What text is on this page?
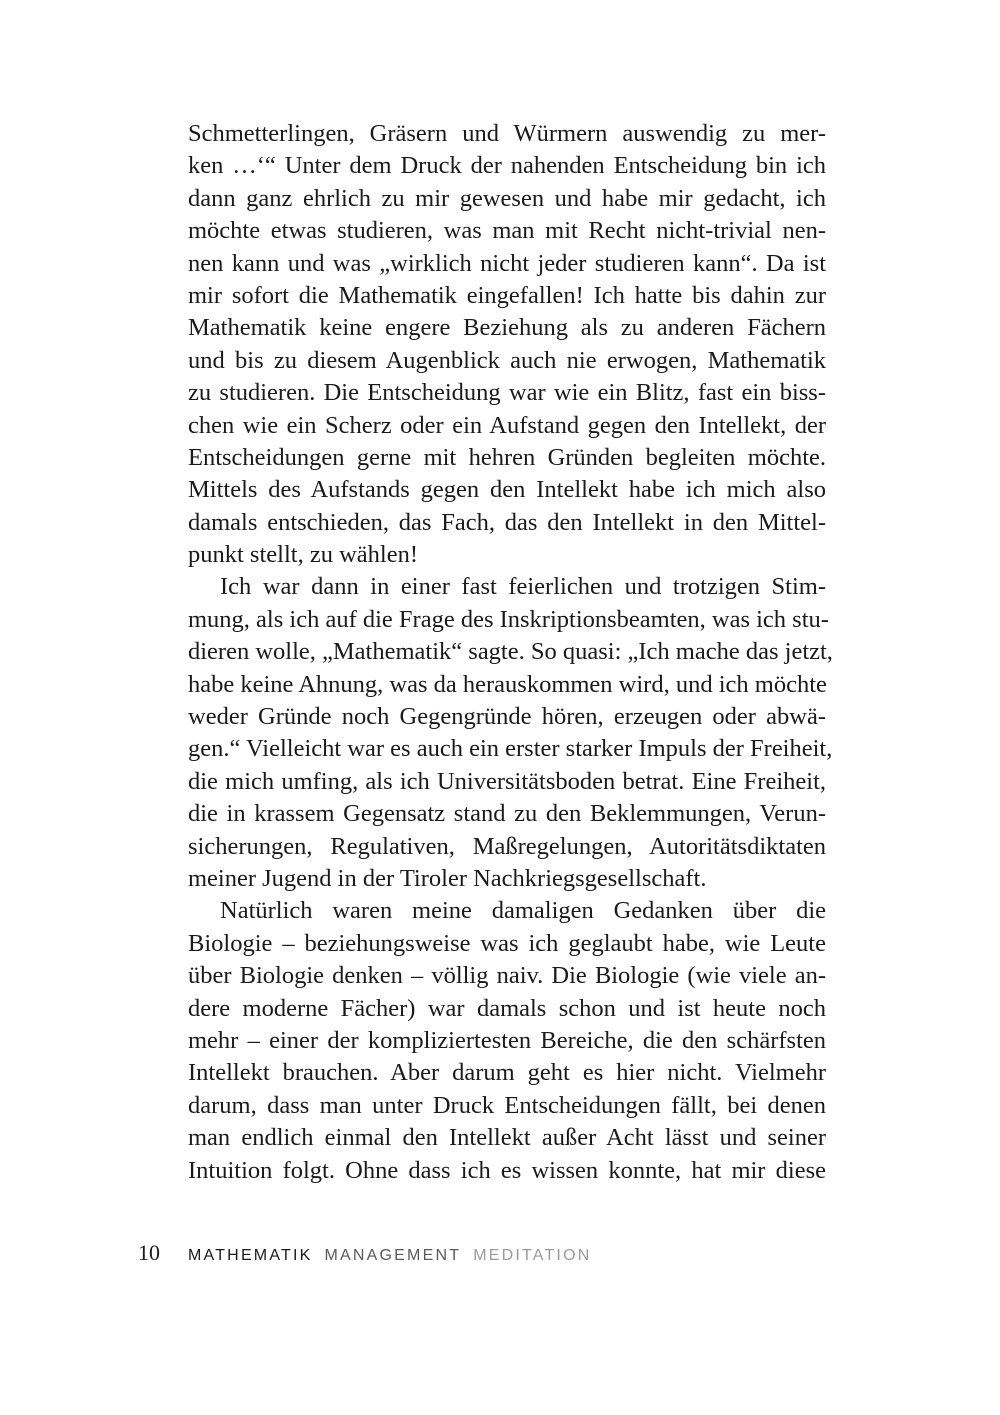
Schmetterlingen, Gräsern und Würmern auswendig zu mer-
ken …‘“ Unter dem Druck der nahenden Entscheidung bin ich
dann ganz ehrlich zu mir gewesen und habe mir gedacht, ich
möchte etwas studieren, was man mit Recht nicht-trivial nen-
nen kann und was „wirklich nicht jeder studieren kann“. Da ist
mir sofort die Mathematik eingefallen! Ich hatte bis dahin zur
Mathematik keine engere Beziehung als zu anderen Fächern
und bis zu diesem Augenblick auch nie erwogen, Mathematik
zu studieren. Die Entscheidung war wie ein Blitz, fast ein biss-
chen wie ein Scherz oder ein Aufstand gegen den Intellekt, der
Entscheidungen gerne mit hehren Gründen begleiten möchte.
Mittels des Aufstands gegen den Intellekt habe ich mich also
damals entschieden, das Fach, das den Intellekt in den Mittel-
punkt stellt, zu wählen!
Ich war dann in einer fast feierlichen und trotzigen Stim-
mung, als ich auf die Frage des Inskriptionsbeamten, was ich stu-
dieren wolle, „Mathematik“ sagte. So quasi: „Ich mache das jetzt,
habe keine Ahnung, was da herauskommen wird, und ich möchte
weder Gründe noch Gegengründe hören, erzeugen oder abwä-
gen.“ Vielleicht war es auch ein erster starker Impuls der Freiheit,
die mich umfing, als ich Universitätsboden betrat. Eine Freiheit,
die in krassem Gegensatz stand zu den Beklemmungen, Verun-
sicherungen, Regulativen, Maßregelungen, Autoritätsdiktaten
meiner Jugend in der Tiroler Nachkriegsgesellschaft.
Natürlich waren meine damaligen Gedanken über die
Biologie – beziehungsweise was ich geglaubt habe, wie Leute
über Biologie denken – völlig naiv. Die Biologie (wie viele an-
dere moderne Fächer) war damals schon und ist heute noch
mehr – einer der kompliziertesten Bereiche, die den schärfsten
Intellekt brauchen. Aber darum geht es hier nicht. Vielmehr
darum, dass man unter Druck Entscheidungen fällt, bei denen
man endlich einmal den Intellekt außer Acht lässt und seiner
Intuition folgt. Ohne dass ich es wissen konnte, hat mir diese
10	MATHEMATIK MANAGEMENT MEDITATION
